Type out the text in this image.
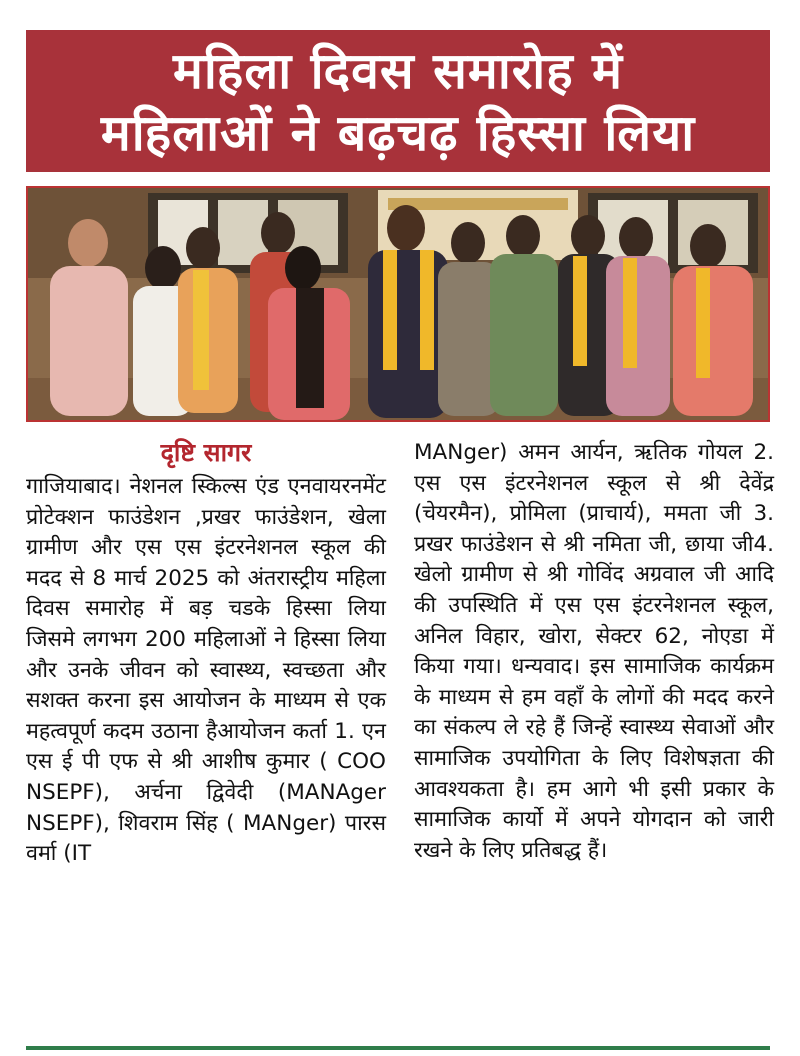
महिला दिवस समारोह में
महिलाओं ने बढ़चढ़ हिस्सा लिया
दृष्टि सागर

गाजियाबाद। नेशनल स्किल्स एंड एनवायरनमेंट प्रोटेक्शन फाउंडेशन ,प्रखर फाउंडेशन, खेला ग्रामीण और एस एस इंटरनेशनल स्कूल की मदद से 8 मार्च 2025 को अंतरास्ट्रीय महिला दिवस समारोह में बड़ चडके हिस्सा लिया जिसमे लगभग 200 महिलाओं ने हिस्सा लिया और उनके जीवन को स्वास्थ्य, स्वच्छता और सशक्त करना इस आयोजन के माध्यम से एक महत्वपूर्ण कदम उठाना हैआयोजन कर्ता 1. एन एस ई पी एफ से श्री आशीष कुमार ( COO NSEPF), अर्चना द्विवेदी (MANAger NSEPF), शिवराम सिंह ( MANger) पारस वर्मा (IT

MANger) अमन आर्यन, ऋतिक गोयल 2. एस एस इंटरनेशनल स्कूल से श्री देवेंद्र (चेयरमैन), प्रोमिला (प्राचार्य), ममता जी 3. प्रखर फाउंडेशन से श्री नमिता जी, छाया जी4. खेलो ग्रामीण से श्री गोविंद अग्रवाल जी आदि की उपस्थिति में एस एस इंटरनेशनल स्कूल, अनिल विहार, खोरा, सेक्टर 62, नोएडा में किया गया। धन्यवाद। इस सामाजिक कार्यक्रम के माध्यम से हम वहाँ के लोगों की मदद करने का संकल्प ले रहे हैं जिन्हें स्वास्थ्य सेवाओं और सामाजिक उपयोगिता के लिए विशेषज्ञता की आवश्यकता है। हम आगे भी इसी प्रकार के सामाजिक कार्यो में अपने योगदान को जारी रखने के लिए प्रतिबद्ध हैं।
